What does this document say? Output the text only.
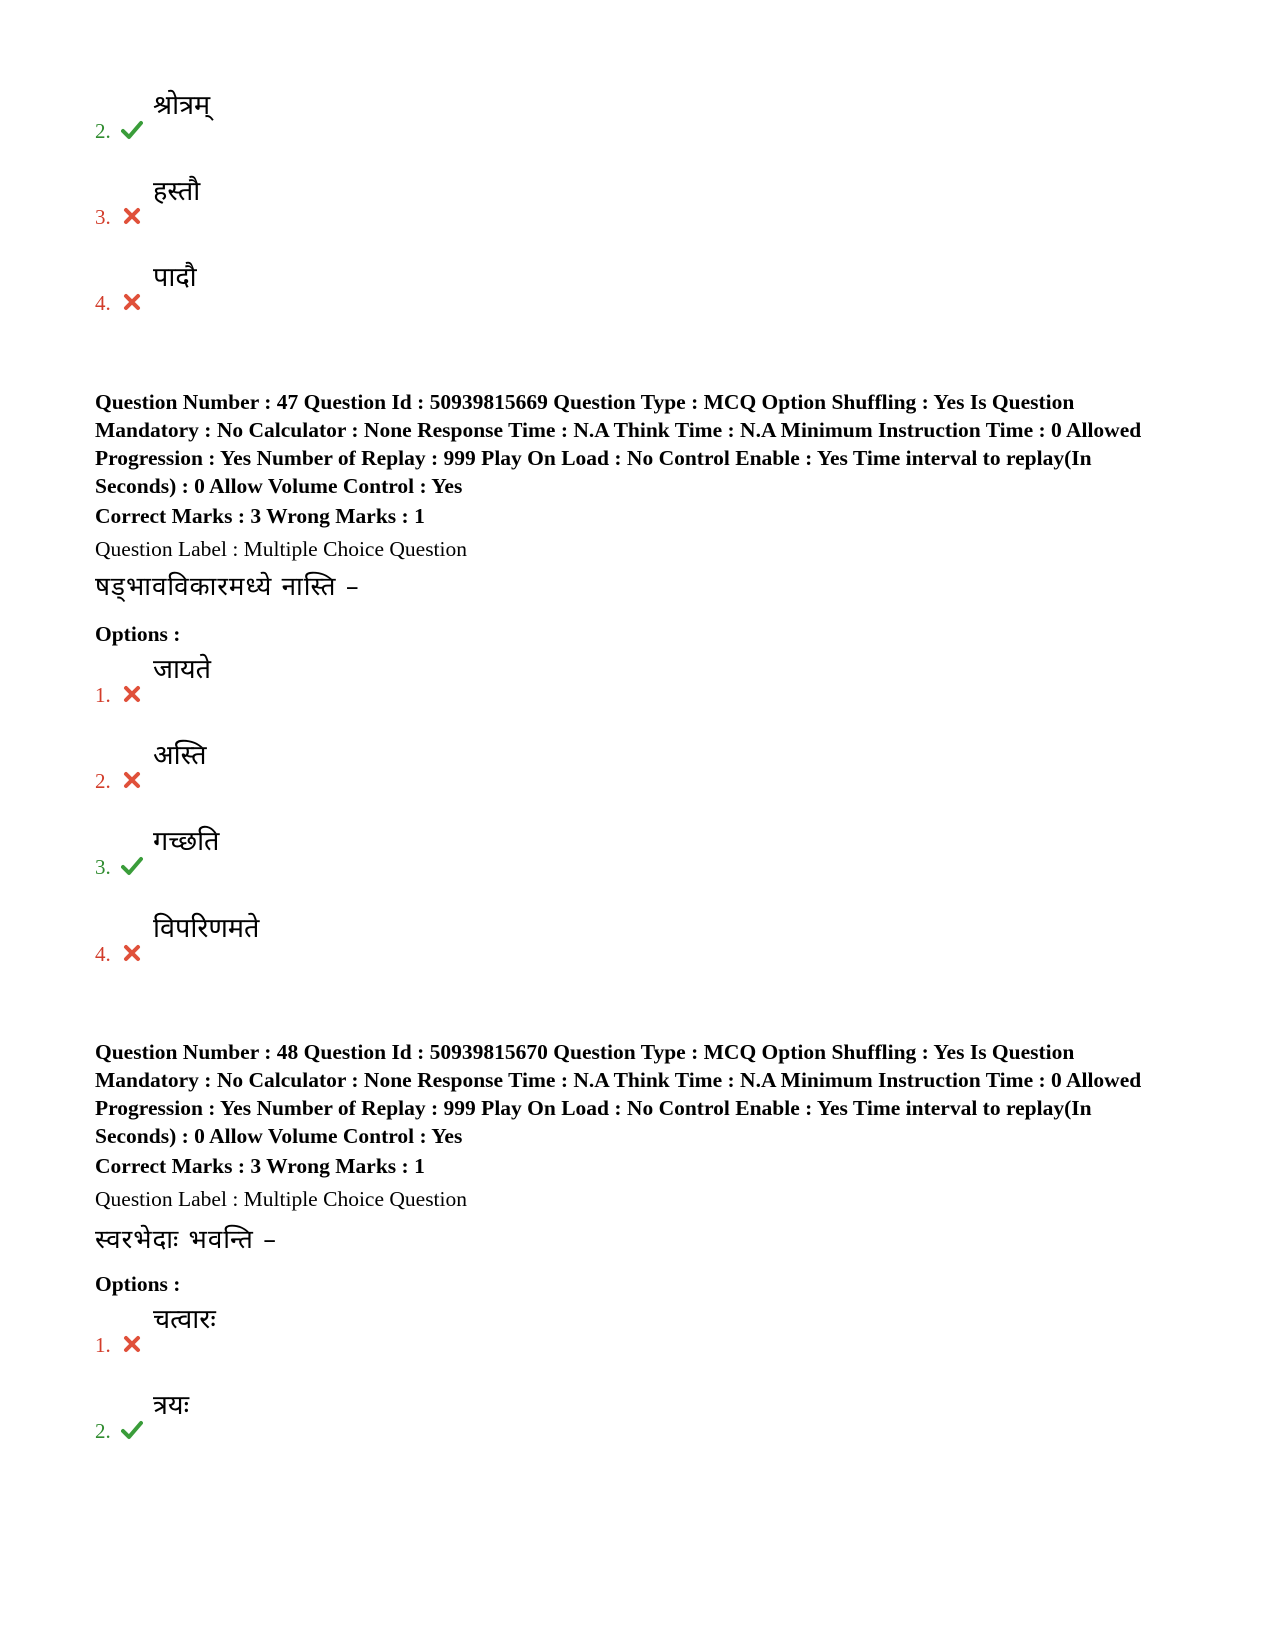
2.
श्रोत्रम्
3.
हस्तौ
4.
पादौ
Question Number : 47 Question Id : 50939815669 Question Type : MCQ Option Shuffling : Yes Is Question Mandatory : No Calculator : None Response Time : N.A Think Time : N.A Minimum Instruction Time : 0 Allowed Progression : Yes Number of Replay : 999 Play On Load : No Control Enable : Yes Time interval to replay(In Seconds) : 0 Allow Volume Control : Yes
Correct Marks : 3 Wrong Marks : 1
Question Label : Multiple Choice Question
षड्भावविकारमध्ये नास्ति –
Options :
1.
जायते
2.
अस्ति
3.
गच्छति
4.
विपरिणमते
Question Number : 48 Question Id : 50939815670 Question Type : MCQ Option Shuffling : Yes Is Question Mandatory : No Calculator : None Response Time : N.A Think Time : N.A Minimum Instruction Time : 0 Allowed Progression : Yes Number of Replay : 999 Play On Load : No Control Enable : Yes Time interval to replay(In Seconds) : 0 Allow Volume Control : Yes
Correct Marks : 3 Wrong Marks : 1
Question Label : Multiple Choice Question
स्वरभेदाः भवन्ति –
Options :
1.
चत्वारः
2.
त्रयः
